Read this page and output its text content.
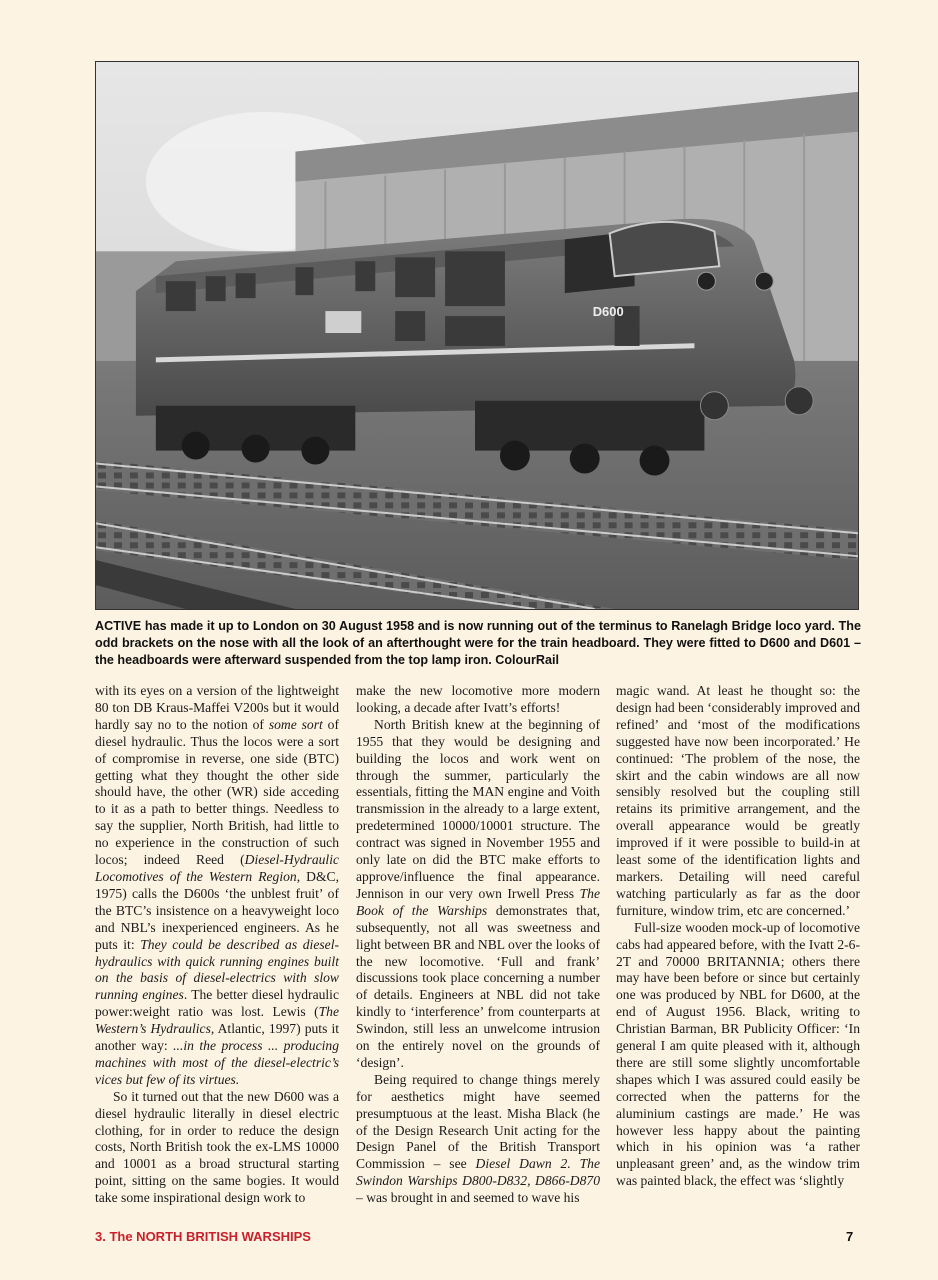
D600
ACTIVE has made it up to London on 30 August 1958 and is now running out of the terminus to Ranelagh Bridge loco yard. The odd brackets on the nose with all the look of an afterthought were for the train headboard. They were fitted to D600 and D601 – the headboards were afterward suspended from the top lamp iron. ColourRail

with its eyes on a version of the lightweight 80 ton DB Kraus-Maffei V200s but it would hardly say no to the notion of some sort of diesel hydraulic. Thus the locos were a sort of compromise in reverse, one side (BTC) getting what they thought the other side should have, the other (WR) side acceding to it as a path to better things. Needless to say the supplier, North British, had little to no experience in the construction of such locos; indeed Reed (Diesel-Hydraulic Locomotives of the Western Region, D&C, 1975) calls the D600s ‘the unblest fruit’ of the BTC’s insistence on a heavyweight loco and NBL’s inexperienced engineers. As he puts it: They could be described as diesel-hydraulics with quick running engines built on the basis of diesel-electrics with slow running engines. The better diesel hydraulic power:weight ratio was lost. Lewis (The Western’s Hydraulics, Atlantic, 1997) puts it another way: ...in the process ... producing machines with most of the diesel-electric’s vices but few of its virtues.

So it turned out that the new D600 was a diesel hydraulic literally in diesel electric clothing, for in order to reduce the design costs, North British took the ex-LMS 10000 and 10001 as a broad structural starting point, sitting on the same bogies. It would take some inspirational design work to

make the new locomotive more modern looking, a decade after Ivatt’s efforts!

North British knew at the beginning of 1955 that they would be designing and building the locos and work went on through the summer, particularly the essentials, fitting the MAN engine and Voith transmission in the already to a large extent, predetermined 10000/10001 structure. The contract was signed in November 1955 and only late on did the BTC make efforts to approve/influence the final appearance. Jennison in our very own Irwell Press The Book of the Warships demonstrates that, subsequently, not all was sweetness and light between BR and NBL over the looks of the new locomotive. ‘Full and frank’ discussions took place concerning a number of details. Engineers at NBL did not take kindly to ‘interference’ from counterparts at Swindon, still less an unwelcome intrusion on the entirely novel on the grounds of ‘design’.

Being required to change things merely for aesthetics might have seemed presumptuous at the least. Misha Black (he of the Design Research Unit acting for the Design Panel of the British Transport Commission – see Diesel Dawn 2. The Swindon Warships D800-D832, D866-D870 – was brought in and seemed to wave his

magic wand. At least he thought so: the design had been ‘considerably improved and refined’ and ‘most of the modifications suggested have now been incorporated.’ He continued: ‘The problem of the nose, the skirt and the cabin windows are all now sensibly resolved but the coupling still retains its primitive arrangement, and the overall appearance would be greatly improved if it were possible to build-in at least some of the identification lights and markers. Detailing will need careful watching particularly as far as the door furniture, window trim, etc are concerned.’

Full-size wooden mock-up of locomotive cabs had appeared before, with the Ivatt 2-6-2T and 70000 BRITANNIA; others there may have been before or since but certainly one was produced by NBL for D600, at the end of August 1956. Black, writing to Christian Barman, BR Publicity Officer: ‘In general I am quite pleased with it, although there are still some slightly uncomfortable shapes which I was assured could easily be corrected when the patterns for the aluminium castings are made.’ He was however less happy about the painting which in his opinion was ‘a rather unpleasant green’ and, as the window trim was painted black, the effect was ‘slightly

3. The NORTH BRITISH WARSHIPS	7
